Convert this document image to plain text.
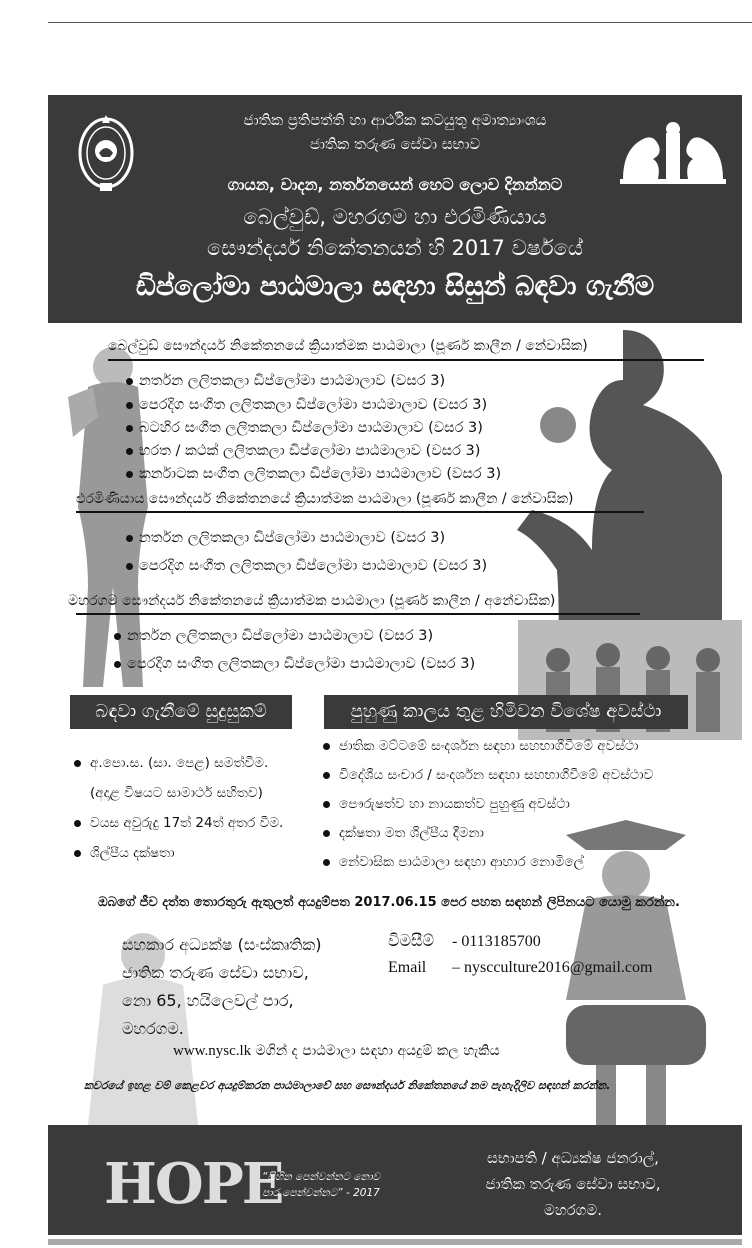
ජාතික ප්‍රතිපත්ති හා ආර්ථික කටයුතු අමාත්‍යාංශය
ජාතික තරුණ සේවා සභාව
ගායන, වාදන, නර්තනයෙන් හෙට ලොව දිනන්නට
බෙල්වුඩ්, මහරගම හා එරමිණියාය
සෞන්දර්ය නිකේතනයන් හි 2017 වර්ෂයේ
ඩිප්ලෝමා පාඨමාලා සඳහා සිසුන් බඳවා ගැනීම
බෙල්වුඩ් සෞන්දර්ය නිකේතනයේ ක්‍රියාත්මක පාඨමාලා (පූර්ණ කාලීන / නේවාසික)
නර්තන ලලිතකලා ඩිප්ලෝමා පාඨමාලාව (වසර 3)
පෙරදිග සංගීත ලලිතකලා ඩිප්ලෝමා පාඨමාලාව (වසර 3)
බටහිර සංගීත ලලිතකලා ඩිප්ලෝමා පාඨමාලාව (වසර 3)
භරත / කථක් ලලිතකලා ඩිප්ලෝමා පාඨමාලාව (වසර 3)
කර්නාටක සංගීත ලලිතකලා ඩිප්ලෝමා පාඨමාලාව (වසර 3)
එරමිණියාය සෞන්දර්ය නිකේතනයේ ක්‍රියාත්මක පාඨමාලා (පූර්ණ කාලීන / නේවාසික)
නර්තන ලලිතකලා ඩිප්ලෝමා පාඨමාලාව (වසර 3)
පෙරදිග සංගීත ලලිතකලා ඩිප්ලෝමා පාඨමාලාව (වසර 3)
මහරගම සෞන්දර්ය නිකේතනයේ ක්‍රියාත්මක පාඨමාලා (පූර්ණ කාලීන / අනේවාසික)
නර්තන ලලිතකලා ඩිප්ලෝමා පාඨමාලාව (වසර 3)
පෙරදිග සංගීත ලලිතකලා ඩිප්ලෝමා පාඨමාලාව (වසර 3)
බඳවා ගැනීමේ සුදුසුකම්
අ.පො.ස. (සා. පෙළ) සමත්වීම.
(අදාළ විෂයට සාමාර්ථ සහිතව)
වයස අවුරුදු 17ත් 24ත් අතර වීම.
ශිල්පීය දක්ෂතා
පුහුණු කාලය තුළ හිමිවන විශේෂ අවස්ථා
ජාතික මට්ටමේ සංදර්ශන සඳහා සහභාගීවීමේ අවස්ථා
විදේශීය සංචාර / සංදර්ශන සඳහා සහභාගීවීමේ අවස්ථාව
පෞරුෂත්ව හා නායකත්ව පුහුණු අවස්ථා
දක්ෂතා මත ශිල්පීය දීමනා
නේවාසික පාඨමාලා සඳහා ආහාර නොමිලේ
ඔබගේ ජීව දත්ත තොරතුරු ඇතුලත් අයදුම්පත 2017.06.15 පෙර පහත සඳහන් ලිපිනයට යොමු කරන්න.
සහකාර අධ්‍යක්ෂ (සංස්කෘතික)
ජාතික තරුණ සේවා සභාව,
නො 65, හයිලෙවල් පාර,
මහරගම.
විමසීම් - 0113185700
Email – nyscculture2016@gmail.com
www.nysc.lk මගින් ද පාඨමාලා සඳහා අයදුම් කල හැකිය
කවරයේ ඉහළ වම් කෙළවර අයදුම්කරන පාඨමාලාවේ සහ සෞන්දර්ය නිකේතනයේ නම පැහැදිලිව සඳහන් කරන්න.
HOPE
“සිහින පෙන්වන්නට නොව
පාර පෙන්වන්නට” - 2017
සභාපති / අධ්‍යක්ෂ ජනරාල්,
ජාතික තරුණ සේවා සභාව,
මහරගම.
